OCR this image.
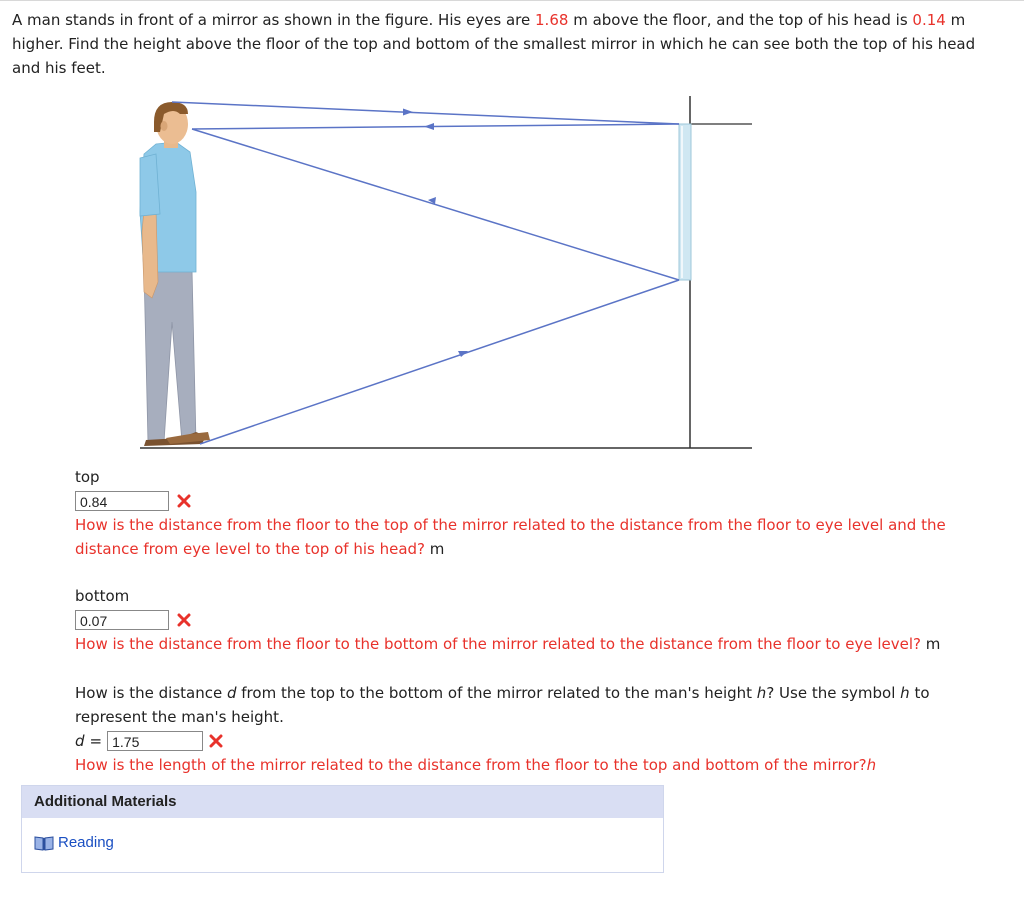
A man stands in front of a mirror as shown in the figure. His eyes are 1.68 m above the floor, and the top of his head is 0.14 m higher. Find the height above the floor of the top and bottom of the smallest mirror in which he can see both the top of his head and his feet.
top
0.84
How is the distance from the floor to the top of the mirror related to the distance from the floor to eye level and the distance from eye level to the top of his head? m
bottom
0.07
How is the distance from the floor to the bottom of the mirror related to the distance from the floor to eye level? m
How is the distance d from the top to the bottom of the mirror related to the man's height h? Use the symbol h to represent the man's height.
d = 1.75
How is the length of the mirror related to the distance from the floor to the top and bottom of the mirror?h
Additional Materials
Reading
